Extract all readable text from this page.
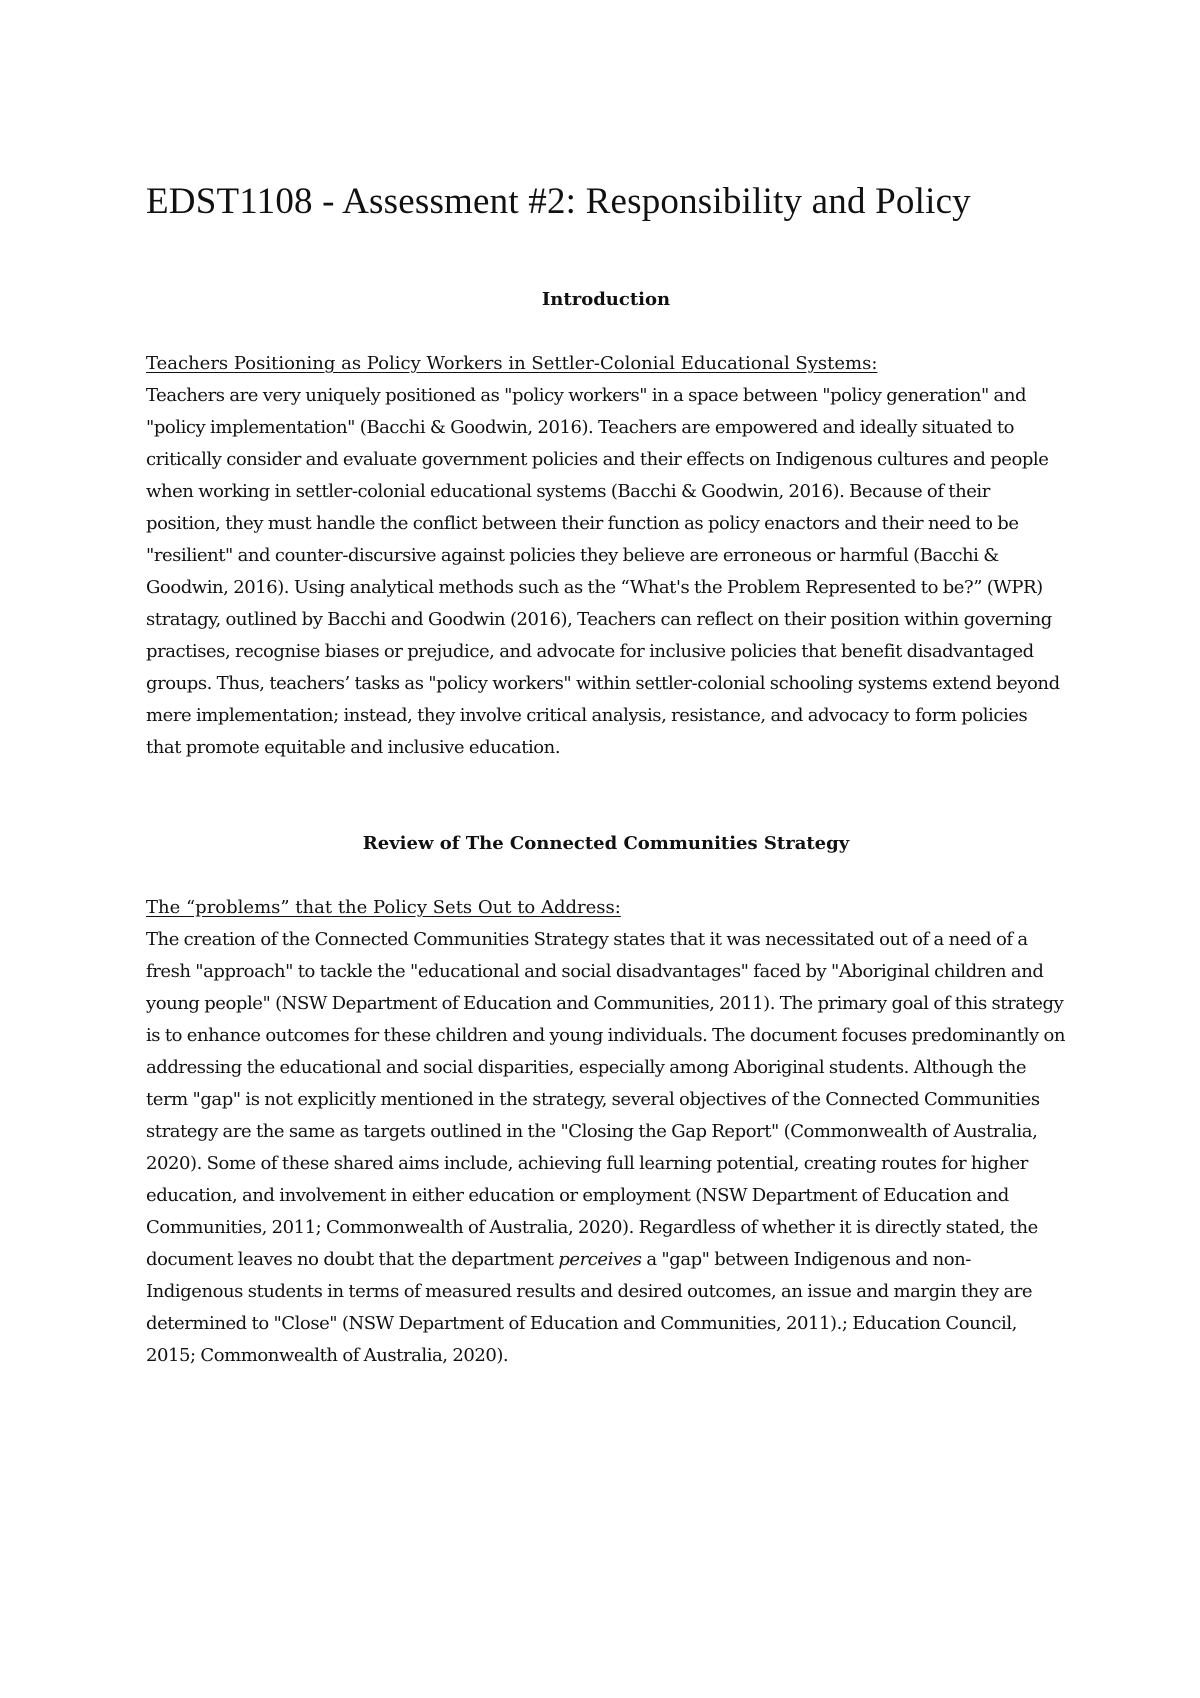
EDST1108 - Assessment #2: Responsibility and Policy
Introduction

Teachers Positioning as Policy Workers in Settler-Colonial Educational Systems:

Teachers are very uniquely positioned as "policy workers" in a space between "policy generation" and "policy implementation" (Bacchi & Goodwin, 2016). Teachers are empowered and ideally situated to critically consider and evaluate government policies and their effects on Indigenous cultures and people when working in settler-colonial educational systems (Bacchi & Goodwin, 2016). Because of their position, they must handle the conflict between their function as policy enactors and their need to be "resilient" and counter-discursive against policies they believe are erroneous or harmful (Bacchi & Goodwin, 2016). Using analytical methods such as the “What's the Problem Represented to be?” (WPR) stratagy, outlined by Bacchi and Goodwin (2016), Teachers can reflect on their position within governing practises, recognise biases or prejudice, and advocate for inclusive policies that benefit disadvantaged groups. Thus, teachers’ tasks as "policy workers" within settler-colonial schooling systems extend beyond mere implementation; instead, they involve critical analysis, resistance, and advocacy to form policies that promote equitable and inclusive education.

Review of The Connected Communities Strategy

The “problems” that the Policy Sets Out to Address:

The creation of the Connected Communities Strategy states that it was necessitated out of a need of a fresh "approach" to tackle the "educational and social disadvantages" faced by "Aboriginal children and young people" (NSW Department of Education and Communities, 2011). The primary goal of this strategy is to enhance outcomes for these children and young individuals. The document focuses predominantly on addressing the educational and social disparities, especially among Aboriginal students. Although the term "gap" is not explicitly mentioned in the strategy, several objectives of the Connected Communities strategy are the same as targets outlined in the "Closing the Gap Report" (Commonwealth of Australia, 2020). Some of these shared aims include, achieving full learning potential, creating routes for higher education, and involvement in either education or employment (NSW Department of Education and Communities, 2011; Commonwealth of Australia, 2020). Regardless of whether it is directly stated, the document leaves no doubt that the department perceives a "gap" between Indigenous and non-Indigenous students in terms of measured results and desired outcomes, an issue and margin they are determined to "Close" (NSW Department of Education and Communities, 2011).; Education Council, 2015; Commonwealth of Australia, 2020).
